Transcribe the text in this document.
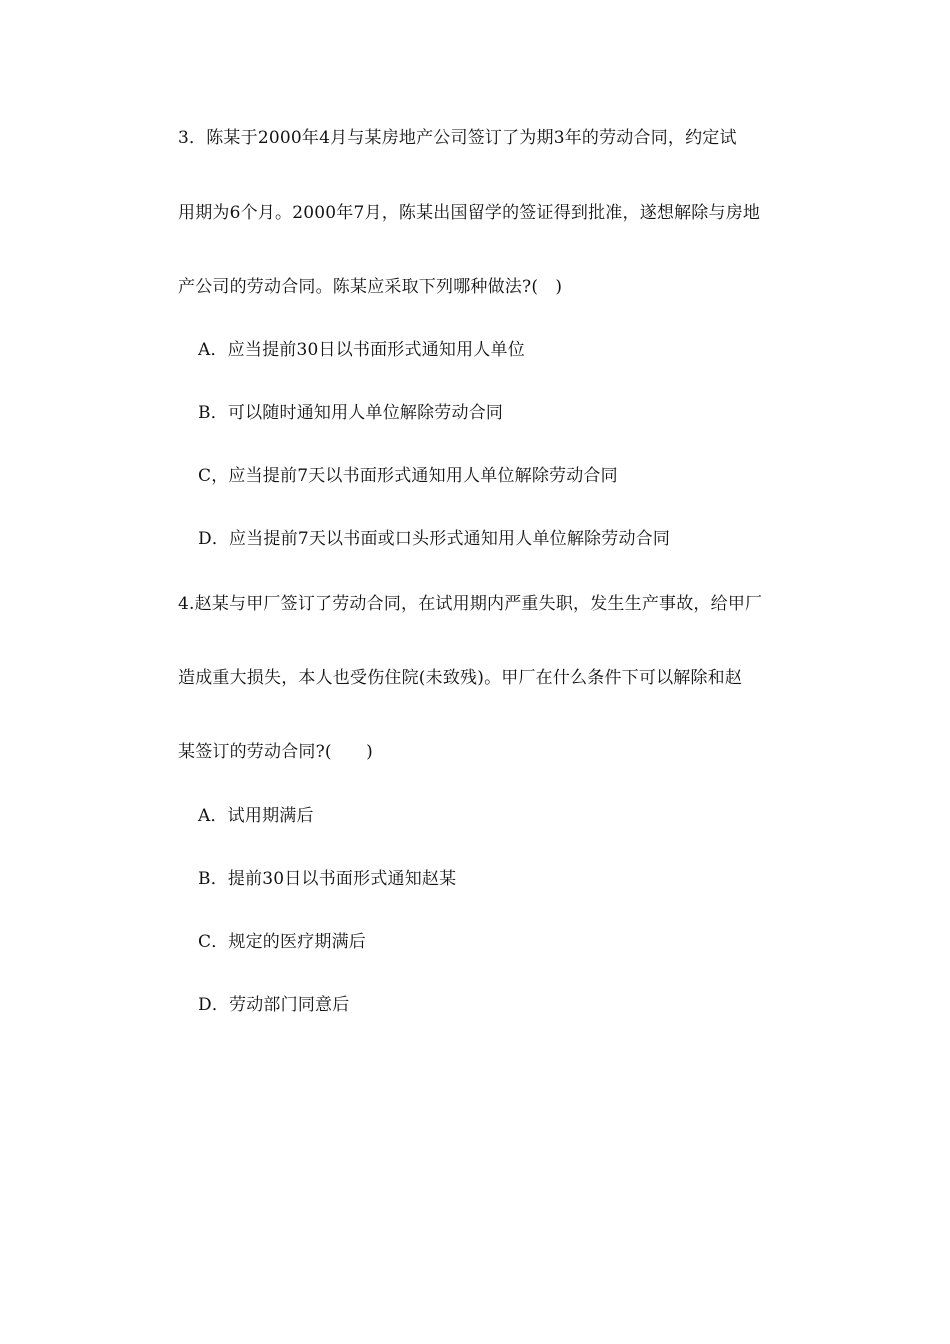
3．陈某于2000年4月与某房地产公司签订了为期3年的劳动合同，约定试
用期为6个月。2000年7月，陈某出国留学的签证得到批准，遂想解除与房地
产公司的劳动合同。陈某应采取下列哪种做法?(　)
A．应当提前30日以书面形式通知用人单位
B．可以随时通知用人单位解除劳动合同
C，应当提前7天以书面形式通知用人单位解除劳动合同
D．应当提前7天以书面或口头形式通知用人单位解除劳动合同
4.赵某与甲厂签订了劳动合同，在试用期内严重失职，发生生产事故，给甲厂
造成重大损失，本人也受伤住院(未致残)。甲厂在什么条件下可以解除和赵
某签订的劳动合同?(　　)
A．试用期满后
B．提前30日以书面形式通知赵某
C．规定的医疗期满后
D．劳动部门同意后
